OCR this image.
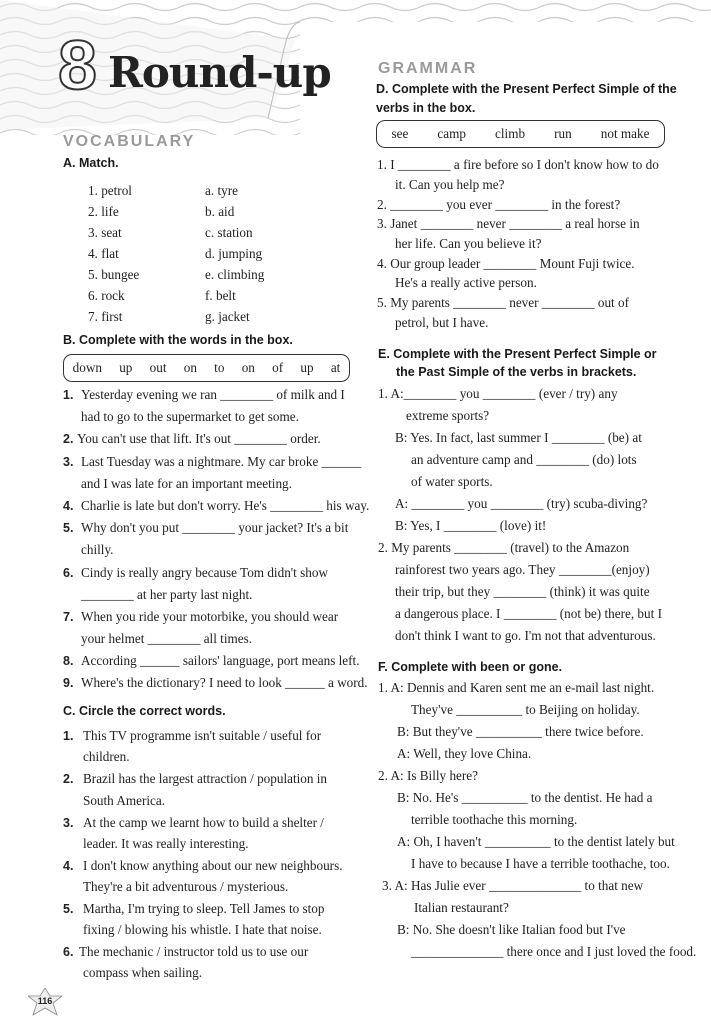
8 Round-up
VOCABULARY
A. Match.
1. petrol
2. life
3. seat
4. flat
5. bungee
6. rock
7. first
a. tyre
b. aid
c. station
d. jumping
e. climbing
f. belt
g. jacket
B. Complete with the words in the box.
down up out on to on of up at
1. Yesterday evening we ran ________ of milk and I
had to go to the supermarket to get some.
2. You can't use that lift. It's out ________ order.
3. Last Tuesday was a nightmare. My car broke ______
and I was late for an important meeting.
4. Charlie is late but don't worry. He's ________ his way.
5. Why don't you put ________ your jacket? It's a bit
chilly.
6. Cindy is really angry because Tom didn't show
________ at her party last night.
7. When you ride your motorbike, you should wear
your helmet ________ all times.
8. According ______ sailors' language, port means left.
9. Where's the dictionary? I need to look ______ a word.
C. Circle the correct words.
1. This TV programme isn't suitable / useful for
children.
2. Brazil has the largest attraction / population in
South America.
3. At the camp we learnt how to build a shelter /
leader. It was really interesting.
4. I don't know anything about our new neighbours.
They're a bit adventurous / mysterious.
5. Martha, I'm trying to sleep. Tell James to stop
fixing / blowing his whistle. I hate that noise.
6. The mechanic / instructor told us to use our
compass when sailing.
GRAMMAR
D. Complete with the Present Perfect Simple of the
verbs in the box.
see camp climb run not make
1. I ________ a fire before so I don't know how to do
it. Can you help me?
2. ________ you ever ________ in the forest?
3. Janet ________ never ________ a real horse in
her life. Can you believe it?
4. Our group leader ________ Mount Fuji twice.
He's a really active person.
5. My parents ________ never ________ out of
petrol, but I have.
E. Complete with the Present Perfect Simple or
the Past Simple of the verbs in brackets.
1. A:________ you ________ (ever / try) any
extreme sports?
B: Yes. In fact, last summer I ________ (be) at
an adventure camp and ________ (do) lots
of water sports.
A: ________ you ________ (try) scuba-diving?
B: Yes, I ________ (love) it!
2. My parents ________ (travel) to the Amazon
rainforest two years ago. They ________(enjoy)
their trip, but they ________ (think) it was quite
a dangerous place. I ________ (not be) there, but I
don't think I want to go. I'm not that adventurous.
F. Complete with been or gone.
1. A: Dennis and Karen sent me an e-mail last night.
They've __________ to Beijing on holiday.
B: But they've __________ there twice before.
A: Well, they love China.
2. A: Is Billy here?
B: No. He's __________ to the dentist. He had a
terrible toothache this morning.
A: Oh, I haven't __________ to the dentist lately but
I have to because I have a terrible toothache, too.
3. A: Has Julie ever ______________ to that new
Italian restaurant?
B: No. She doesn't like Italian food but I've
______________ there once and I just loved the food.
116
